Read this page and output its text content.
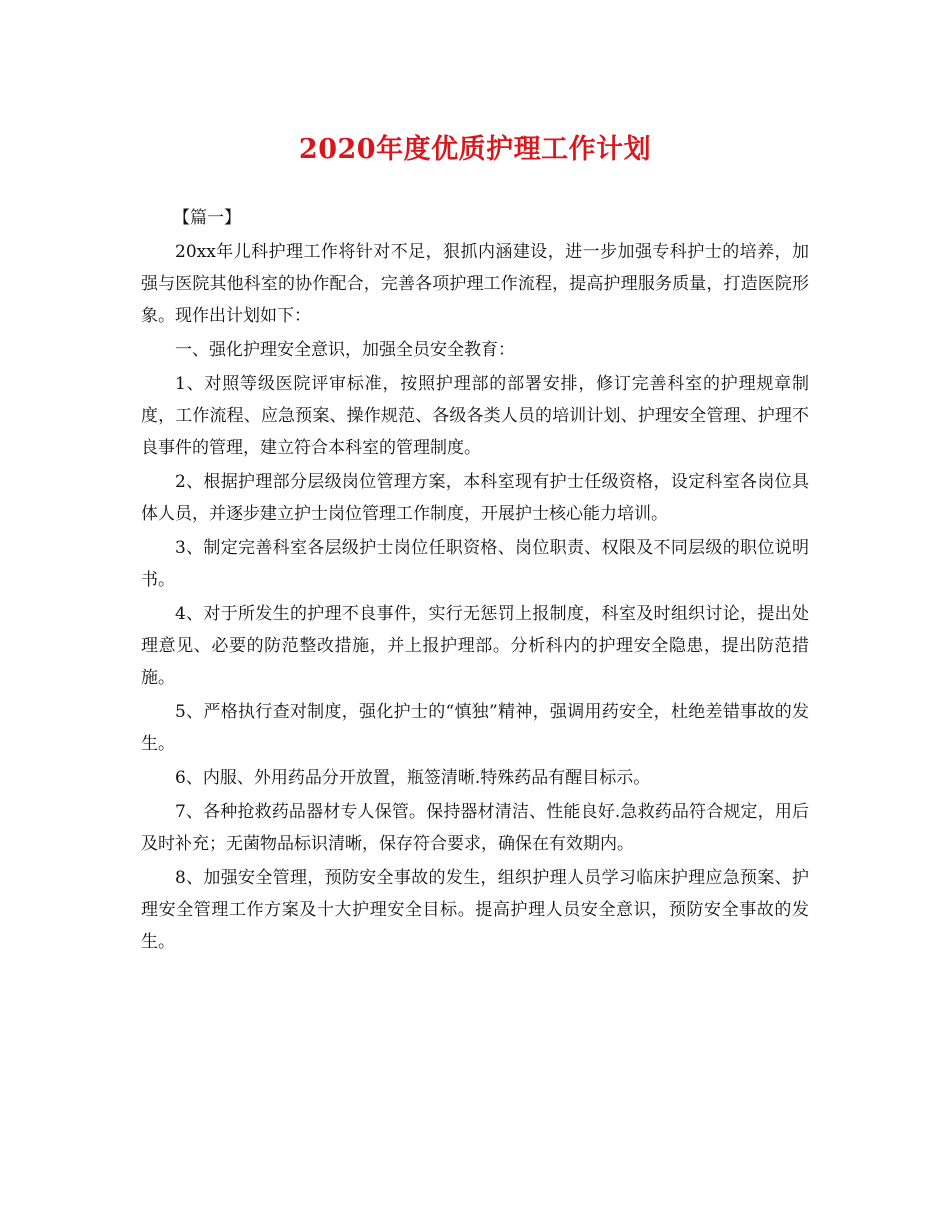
2020年度优质护理工作计划

【篇一】

20xx年儿科护理工作将针对不足，狠抓内涵建设，进一步加强专科护士的培养，加强与医院其他科室的协作配合，完善各项护理工作流程，提高护理服务质量，打造医院形象。现作出计划如下：

一、强化护理安全意识，加强全员安全教育：

1、对照等级医院评审标准，按照护理部的部署安排，修订完善科室的护理规章制度，工作流程、应急预案、操作规范、各级各类人员的培训计划、护理安全管理、护理不良事件的管理，建立符合本科室的管理制度。

2、根据护理部分层级岗位管理方案，本科室现有护士任级资格，设定科室各岗位具体人员，并逐步建立护士岗位管理工作制度，开展护士核心能力培训。

3、制定完善科室各层级护士岗位任职资格、岗位职责、权限及不同层级的职位说明书。

4、对于所发生的护理不良事件，实行无惩罚上报制度，科室及时组织讨论，提出处理意见、必要的防范整改措施，并上报护理部。分析科内的护理安全隐患，提出防范措施。

5、严格执行查对制度，强化护士的“慎独”精神，强调用药安全，杜绝差错事故的发生。

6、内服、外用药品分开放置，瓶签清晰.特殊药品有醒目标示。

7、各种抢救药品器材专人保管。保持器材清洁、性能良好.急救药品符合规定，用后及时补充；无菌物品标识清晰，保存符合要求，确保在有效期内。

8、加强安全管理，预防安全事故的发生，组织护理人员学习临床护理应急预案、护理安全管理工作方案及十大护理安全目标。提高护理人员安全意识，预防安全事故的发生。
